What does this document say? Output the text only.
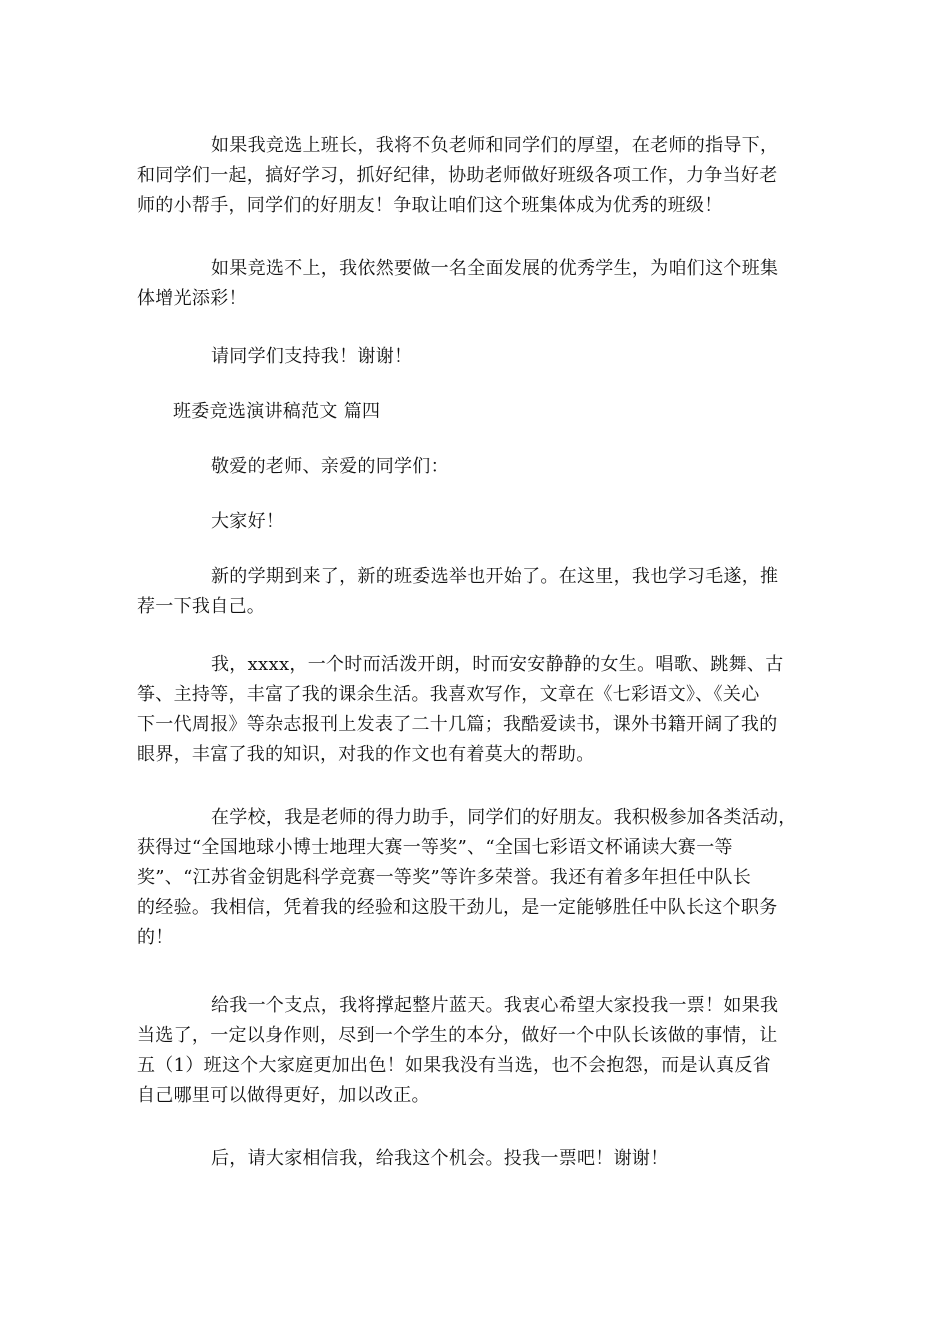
如果我竞选上班长，我将不负老师和同学们的厚望，在老师的指导下，
和同学们一起，搞好学习，抓好纪律，协助老师做好班级各项工作，力争当好老
师的小帮手，同学们的好朋友！争取让咱们这个班集体成为优秀的班级！
如果竞选不上，我依然要做一名全面发展的优秀学生，为咱们这个班集
体增光添彩！
请同学们支持我！谢谢！
班委竞选演讲稿范文 篇四
敬爱的老师、亲爱的同学们：
大家好！
新的学期到来了，新的班委选举也开始了。在这里，我也学习毛遂，推
荐一下我自己。
我，xxxx，一个时而活泼开朗，时而安安静静的女生。唱歌、跳舞、古
筝、主持等，丰富了我的课余生活。我喜欢写作，文章在《七彩语文》、《关心
下一代周报》等杂志报刊上发表了二十几篇；我酷爱读书，课外书籍开阔了我的
眼界，丰富了我的知识，对我的作文也有着莫大的帮助。
在学校，我是老师的得力助手，同学们的好朋友。我积极参加各类活动，
获得过“全国地球小博士地理大赛一等奖”、“全国七彩语文杯诵读大赛一等
奖”、“江苏省金钥匙科学竞赛一等奖”等许多荣誉。我还有着多年担任中队长
的经验。我相信，凭着我的经验和这股干劲儿，是一定能够胜任中队长这个职务
的！
给我一个支点，我将撑起整片蓝天。我衷心希望大家投我一票！如果我
当选了，一定以身作则，尽到一个学生的本分，做好一个中队长该做的事情，让
五（1）班这个大家庭更加出色！如果我没有当选，也不会抱怨，而是认真反省
自己哪里可以做得更好，加以改正。
后，请大家相信我，给我这个机会。投我一票吧！谢谢！
